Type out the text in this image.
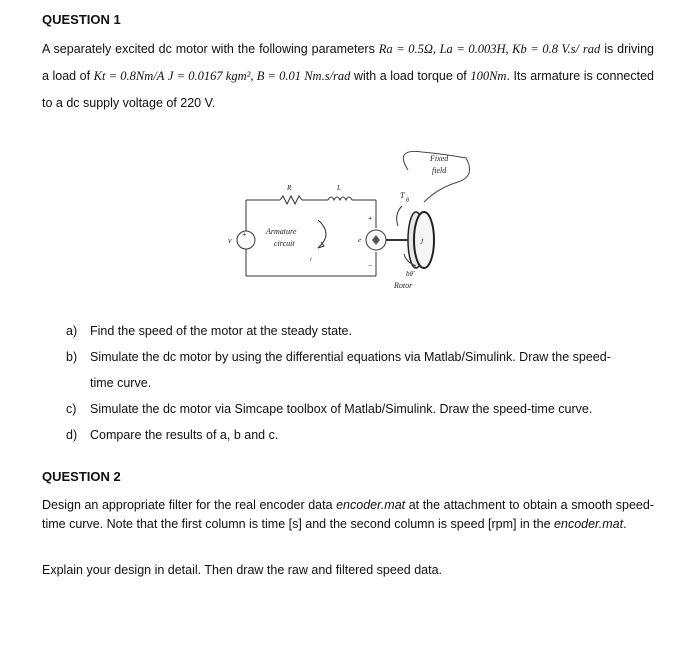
QUESTION 1
A separately excited dc motor with the following parameters Ra = 0.5Ω, La = 0.003H, Kb = 0.8 V.s/ rad is driving a load of Kt = 0.8Nm/A J = 0.0167 kgm², B = 0.01 Nm.s/rad with a load torque of 100Nm. Its armature is connected to a dc supply voltage of 220 V.
+
v
+
−
e
R	L
Armature
circuit
i
J
T
θ
bθ̇
Rotor
Fixed
field
a) Find the speed of the motor at the steady state.
b) Simulate the dc motor by using the differential equations via Matlab/Simulink. Draw the speed-
time curve.
c) Simulate the dc motor via Simcape toolbox of Matlab/Simulink. Draw the speed-time curve.
d) Compare the results of a, b and c.
QUESTION 2
Design an appropriate filter for the real encoder data encoder.mat at the attachment to obtain a smooth speed-time curve. Note that the first column is time [s] and the second column is speed [rpm] in the encoder.mat.
Explain your design in detail. Then draw the raw and filtered speed data.
